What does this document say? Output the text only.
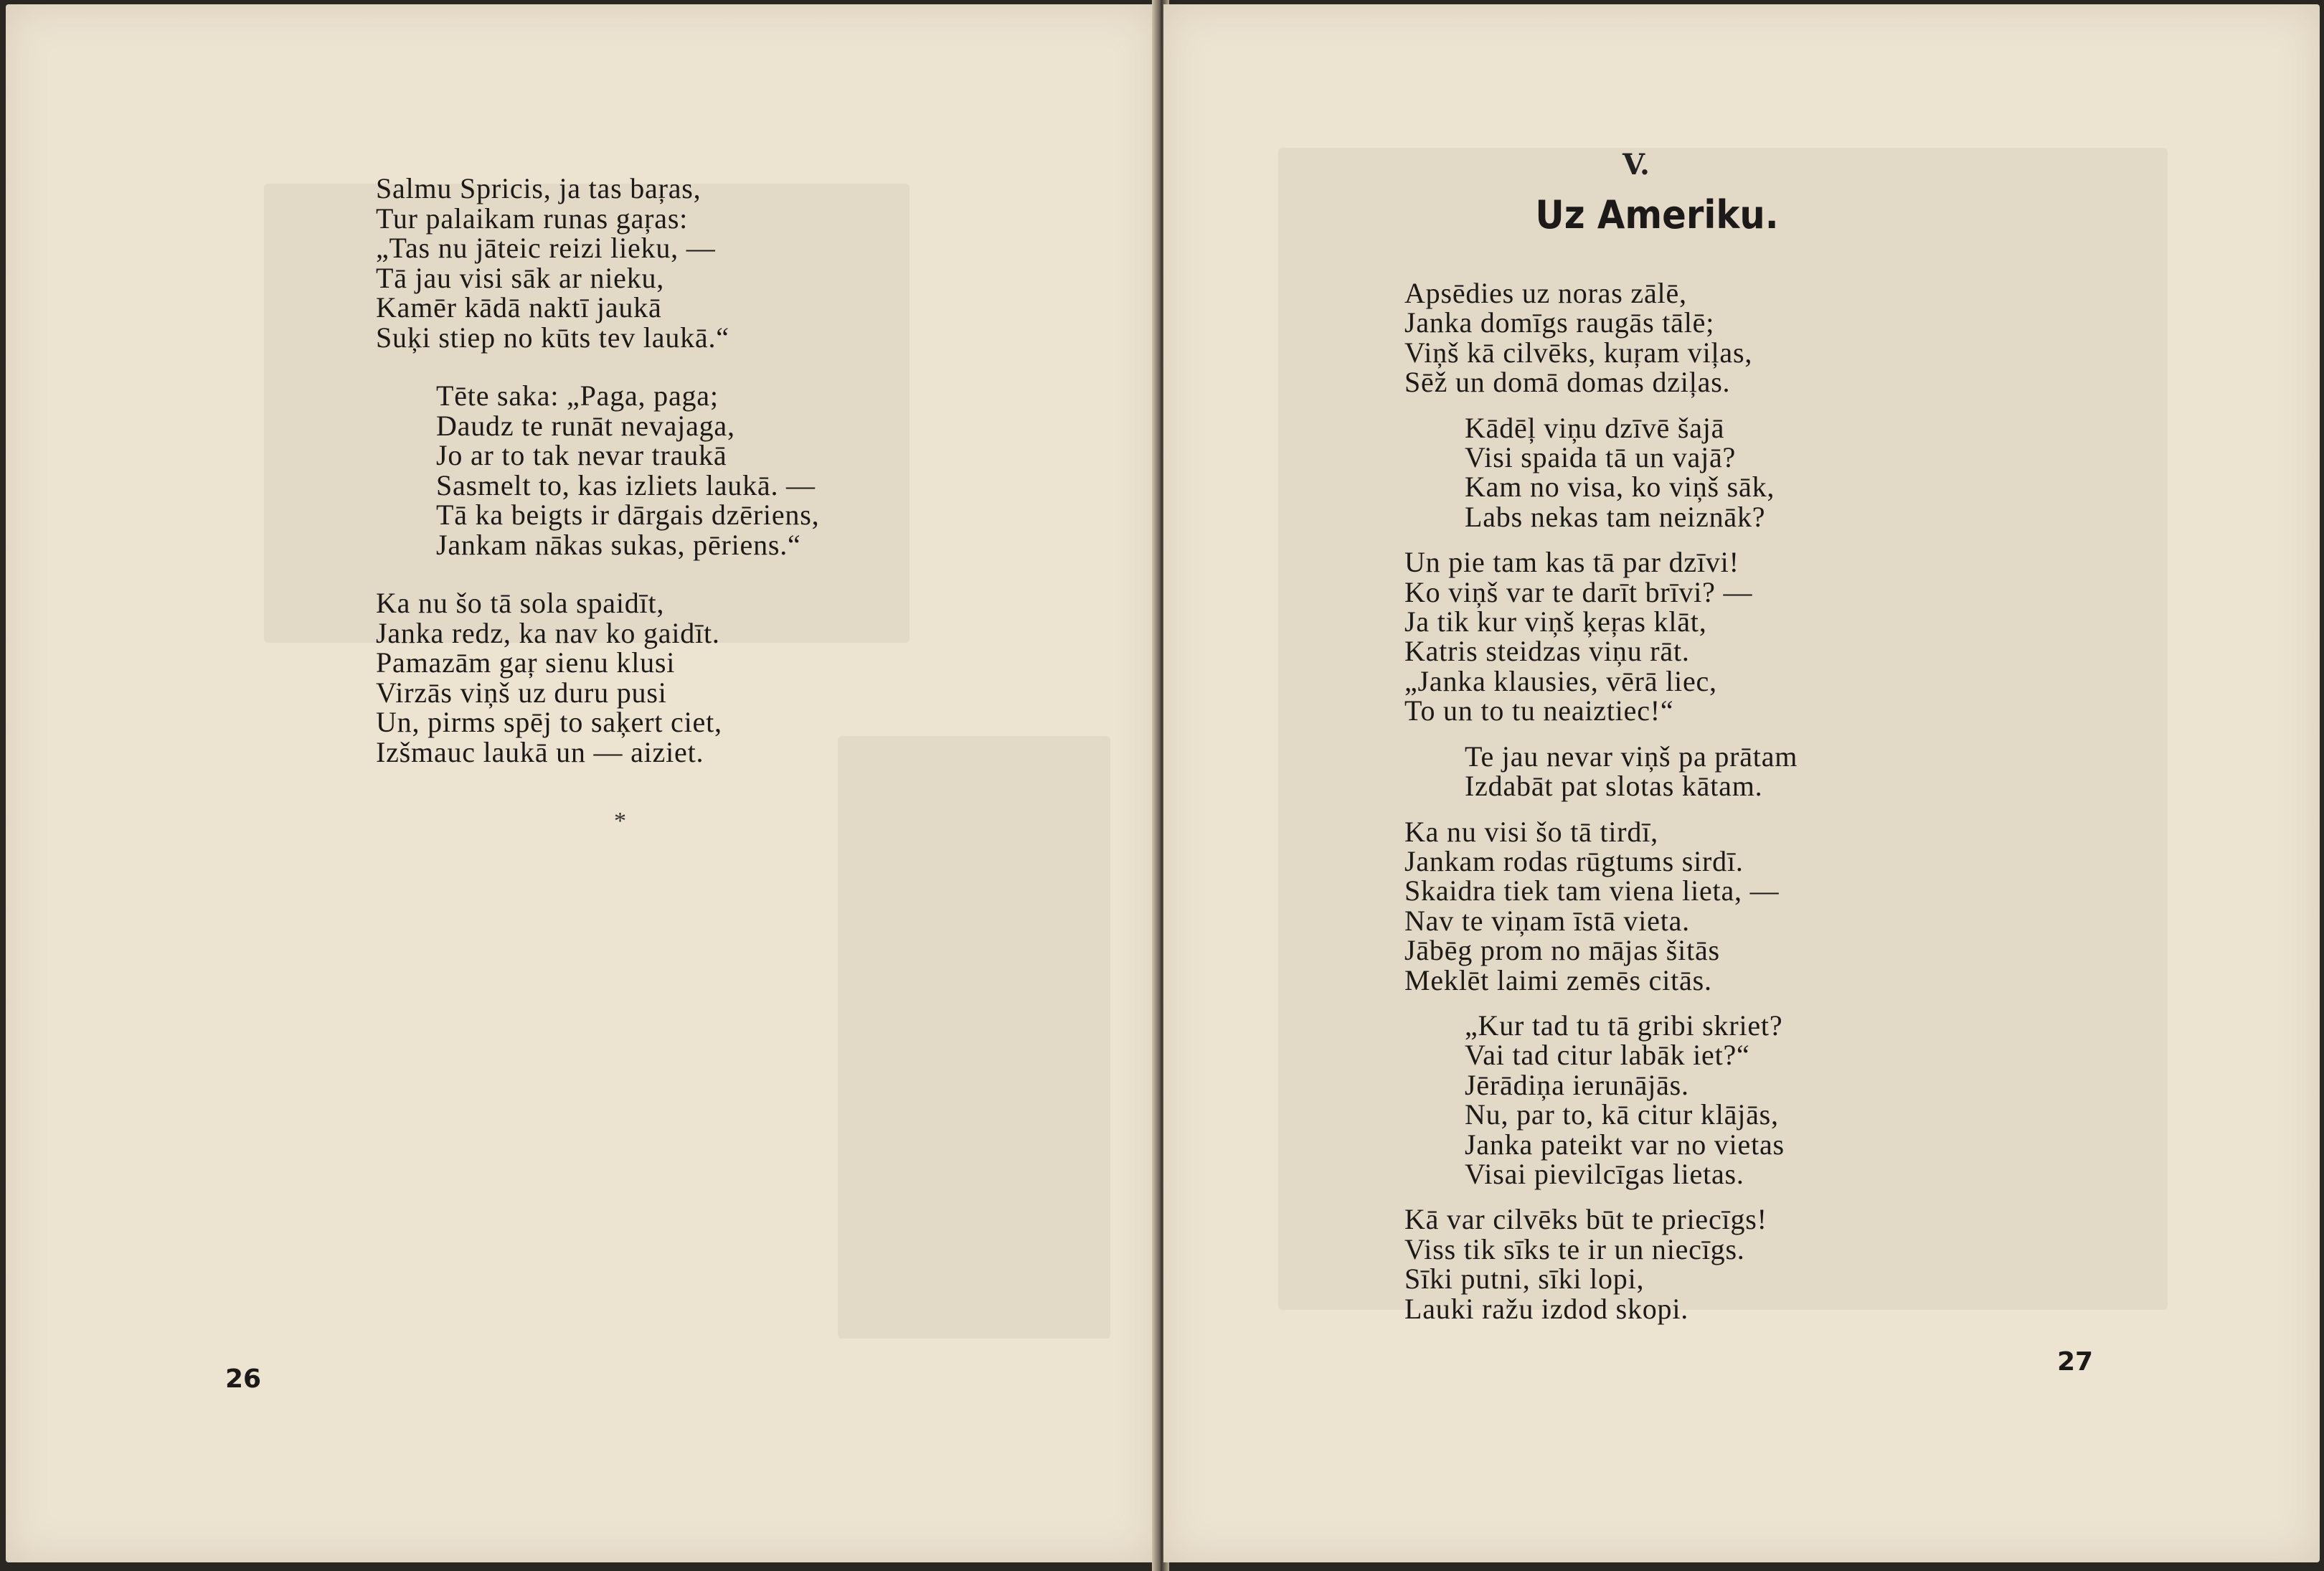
Salmu Spricis, ja tas baŗas,
Tur palaikam runas gaŗas:
„Tas nu jāteic reizi lieku, —
Tā jau visi sāk ar nieku,
Kamēr kādā naktī jaukā
Suķi stiep no kūts tev laukā.“
Tēte saka: „Paga, paga;
Daudz te runāt nevajaga,
Jo ar to tak nevar traukā
Sasmelt to, kas izliets laukā. —
Tā ka beigts ir dārgais dzēriens,
Jankam nākas sukas, pēriens.“
Ka nu šo tā sola spaidīt,
Janka redz, ka nav ko gaidīt.
Pamazām gaŗ sienu klusi
Virzās viņš uz duru pusi
Un, pirms spēj to saķert ciet,
Izšmauc laukā un — aiziet.
*
26
V.
Uz Ameriku.
Apsēdies uz noras zālē,
Janka domīgs raugās tālē;
Viņš kā cilvēks, kuŗam viļas,
Sēž un domā domas dziļas.
Kādēļ viņu dzīvē šajā
Visi spaida tā un vajā?
Kam no visa, ko viņš sāk,
Labs nekas tam neiznāk?
Un pie tam kas tā par dzīvi!
Ko viņš var te darīt brīvi? —
Ja tik kur viņš ķeŗas klāt,
Katris steidzas viņu rāt.
„Janka klausies, vērā liec,
To un to tu neaiztiec!“
Te jau nevar viņš pa prātam
Izdabāt pat slotas kātam.
Ka nu visi šo tā tirdī,
Jankam rodas rūgtums sirdī.
Skaidra tiek tam viena lieta, —
Nav te viņam īstā vieta.
Jābēg prom no mājas šitās
Meklēt laimi zemēs citās.
„Kur tad tu tā gribi skriet?
Vai tad citur labāk iet?“
Jērādiņa ierunājās.
Nu, par to, kā citur klājās,
Janka pateikt var no vietas
Visai pievilcīgas lietas.
Kā var cilvēks būt te priecīgs!
Viss tik sīks te ir un niecīgs.
Sīki putni, sīki lopi,
Lauki ražu izdod skopi.
27
